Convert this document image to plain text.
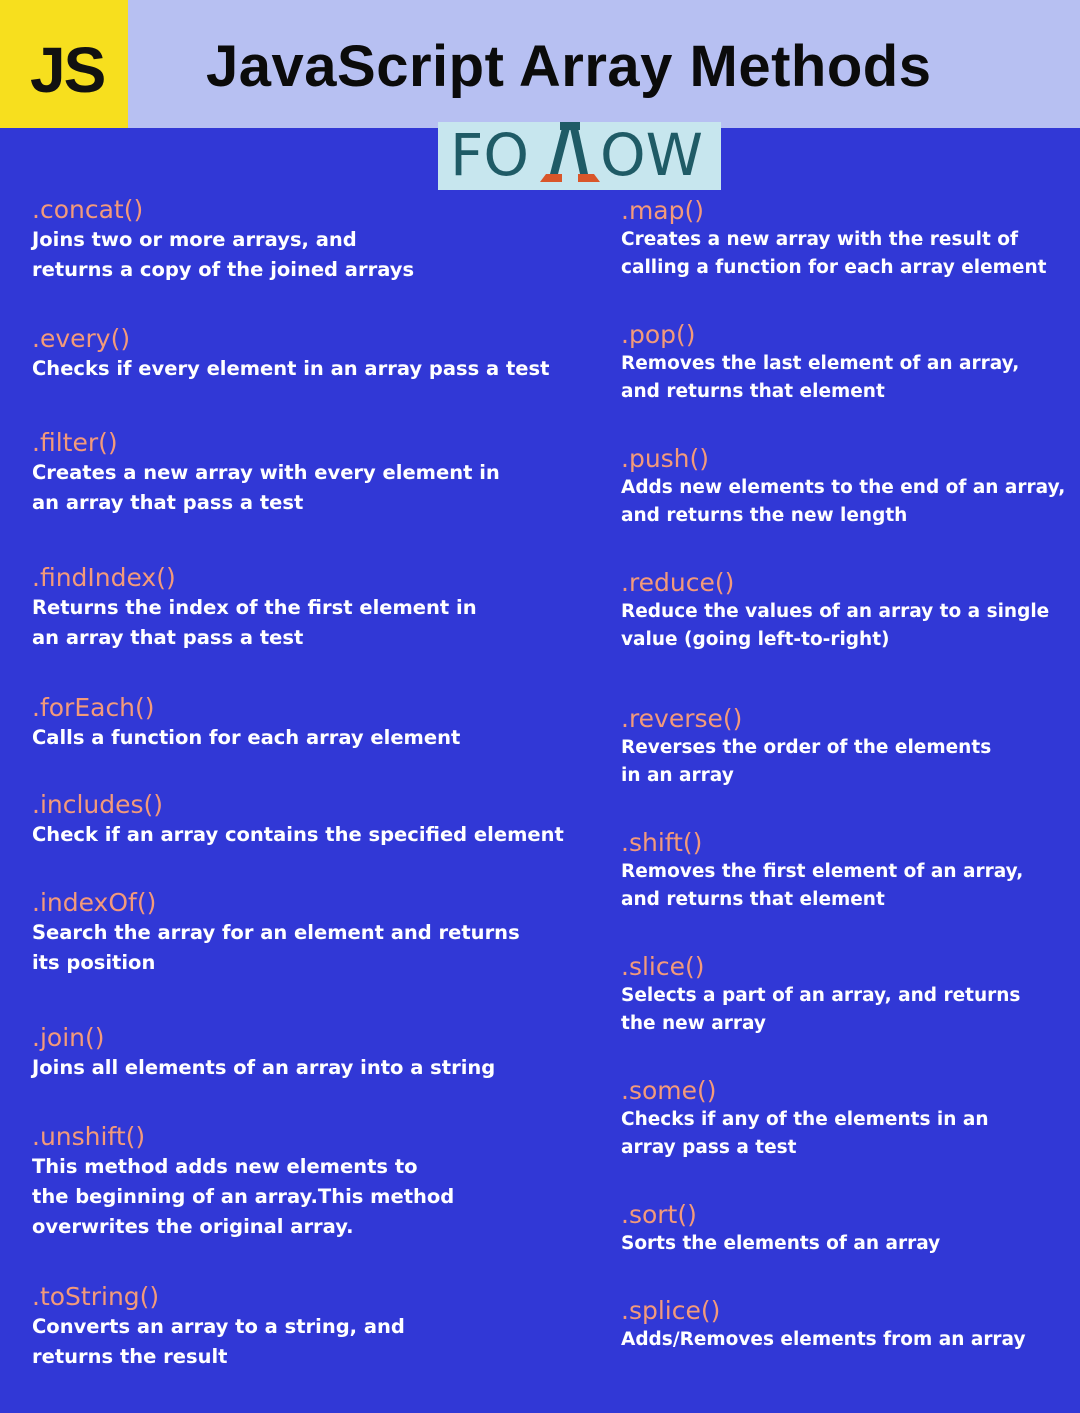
JS JavaScript Array Methods
FO OW
.concat()
Joins two or more arrays, and
returns a copy of the joined arrays
.every()
Checks if every element in an array pass a test
.filter()
Creates a new array with every element in
an array that pass a test
.findIndex()
Returns the index of the first element in
an array that pass a test
.forEach()
Calls a function for each array element
.includes()
Check if an array contains the specified element
.indexOf()
Search the array for an element and returns
its position
.join()
Joins all elements of an array into a string
.unshift()
This method adds new elements to
the beginning of an array.This method
overwrites the original array.
.toString()
Converts an array to a string, and
returns the result
.map()
Creates a new array with the result of
calling a function for each array element
.pop()
Removes the last element of an array,
and returns that element
.push()
Adds new elements to the end of an array,
and returns the new length
.reduce()
Reduce the values of an array to a single
value (going left-to-right)
.reverse()
Reverses the order of the elements
in an array
.shift()
Removes the first element of an array,
and returns that element
.slice()
Selects a part of an array, and returns
the new array
.some()
Checks if any of the elements in an
array pass a test
.sort()
Sorts the elements of an array
.splice()
Adds/Removes elements from an array
